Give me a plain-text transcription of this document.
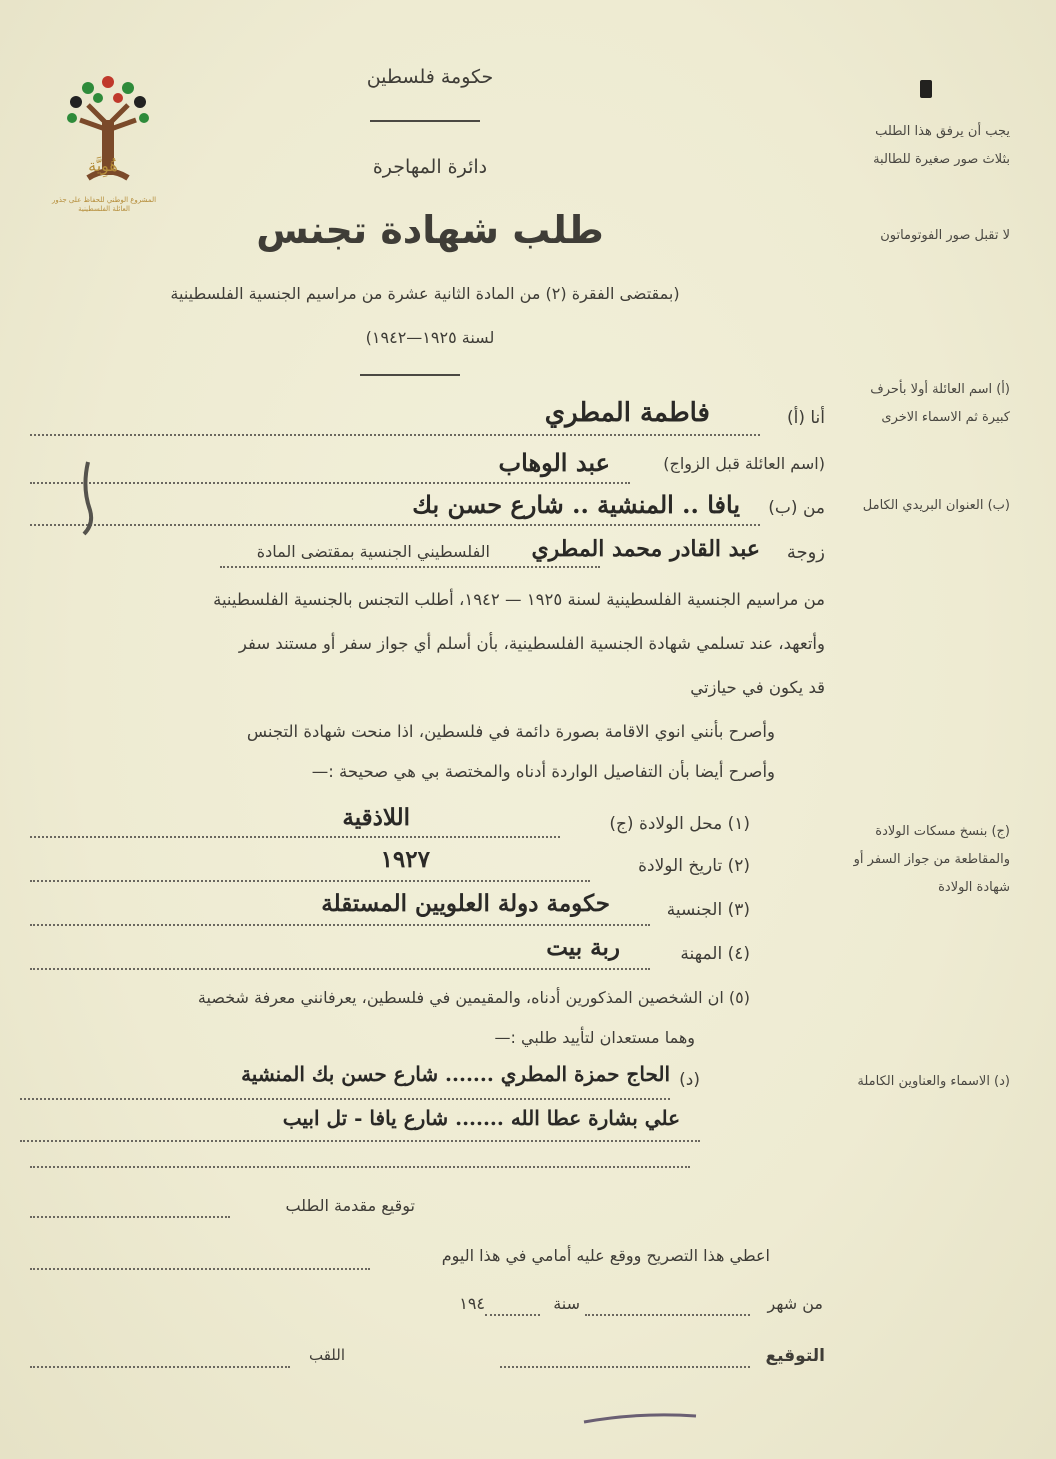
هُوِيَّة
المشروع الوطني للحفاظ على جذور العائلة الفلسطينية
حكومة فلسطين
دائرة المهاجرة
طلب شهادة تجنس
(بمقتضى الفقرة (٢) من المادة الثانية عشرة من مراسيم الجنسية الفلسطينية
لسنة ١٩٢٥—١٩٤٢)
يجب أن يرفق هذا الطلب بثلاث صور صغيرة للطالبة
لا تقبل صور الفوتوماتون
(أ) اسم العائلة أولا بأحرف كبيرة ثم الاسماء الاخرى
(ب) العنوان البريدي الكامل
(ج) بنسخ مسكات الولادة والمقاطعة من جواز السفر أو شهادة الولادة
(د) الاسماء والعناوين الكاملة
أنا (أ)
فاطمة المطري
(اسم العائلة قبل الزواج)
عبد الوهاب
من (ب)
يافا .. المنشية .. شارع حسن بك
زوجة
عبد القادر محمد المطري
الفلسطيني الجنسية بمقتضى المادة
من مراسيم الجنسية الفلسطينية لسنة ١٩٢٥ — ١٩٤٢، أطلب التجنس بالجنسية الفلسطينية
وأتعهد، عند تسلمي شهادة الجنسية الفلسطينية، بأن أسلم أي جواز سفر أو مستند سفر
قد يكون في حيازتي
وأصرح بأنني انوي الاقامة بصورة دائمة في فلسطين، اذا منحت شهادة التجنس
وأصرح أيضا بأن التفاصيل الواردة أدناه والمختصة بي هي صحيحة :—
(١) محل الولادة (ج)
اللاذقية
(٢) تاريخ الولادة
١٩٢٧
(٣) الجنسية
حكومة دولة العلويين المستقلة
(٤) المهنة
ربة بيت
(٥) ان الشخصين المذكورين أدناه، والمقيمين في فلسطين، يعرفانني معرفة شخصية
وهما مستعدان لتأييد طلبي :—
(د)
الحاج حمزة المطري ....... شارع حسن بك المنشية
علي بشارة عطا الله ....... شارع يافا - تل ابيب
توقيع مقدمة الطلب
اعطي هذا التصريح ووقع عليه أمامي في هذا اليوم
من شهر
سنة
١٩٤
التوقيع
اللقب
